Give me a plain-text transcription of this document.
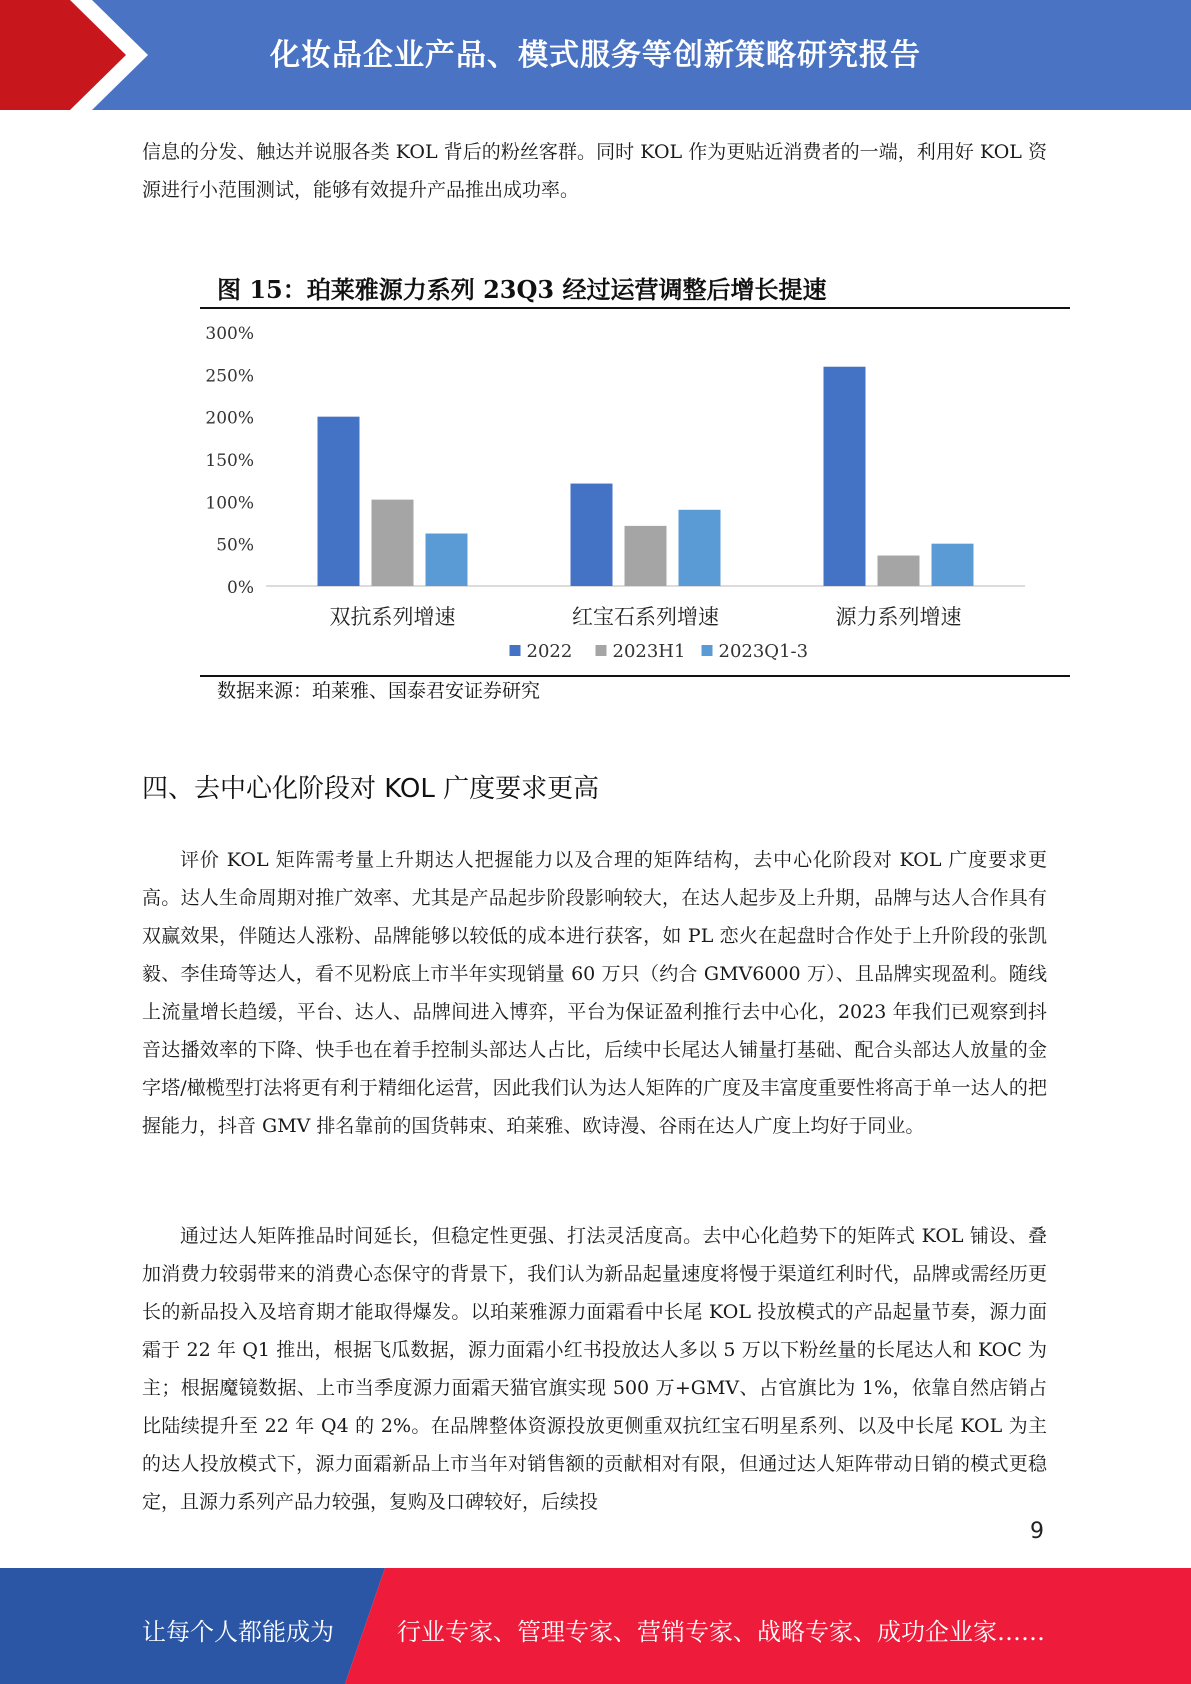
化妆品企业产品、模式服务等创新策略研究报告

信息的分发、触达并说服各类 KOL 背后的粉丝客群。同时 KOL 作为更贴近消费者的一端，利用好 KOL 资源进行小范围测试，能够有效提升产品推出成功率。

图 15：珀莱雅源力系列 23Q3 经过运营调整后增长提速
0%
50%
100%
150%
200%
250%
300%
双抗系列增速	红宝石系列增速	源力系列增速
2022 2023H1 2023Q1-3
数据来源：珀莱雅、国泰君安证券研究
四、去中心化阶段对 KOL 广度要求更高

评价 KOL 矩阵需考量上升期达人把握能力以及合理的矩阵结构，去中心化阶段对 KOL 广度要求更高。达人生命周期对推广效率、尤其是产品起步阶段影响较大，在达人起步及上升期，品牌与达人合作具有双赢效果，伴随达人涨粉、品牌能够以较低的成本进行获客，如 PL 恋火在起盘时合作处于上升阶段的张凯毅、李佳琦等达人，看不见粉底上市半年实现销量 60 万只（约合 GMV6000 万）、且品牌实现盈利。随线上流量增长趋缓，平台、达人、品牌间进入博弈，平台为保证盈利推行去中心化，2023 年我们已观察到抖音达播效率的下降、快手也在着手控制头部达人占比，后续中长尾达人铺量打基础、配合头部达人放量的金字塔/橄榄型打法将更有利于精细化运营，因此我们认为达人矩阵的广度及丰富度重要性将高于单一达人的把握能力，抖音 GMV 排名靠前的国货韩束、珀莱雅、欧诗漫、谷雨在达人广度上均好于同业。

通过达人矩阵推品时间延长，但稳定性更强、打法灵活度高。去中心化趋势下的矩阵式 KOL 铺设、叠加消费力较弱带来的消费心态保守的背景下，我们认为新品起量速度将慢于渠道红利时代，品牌或需经历更长的新品投入及培育期才能取得爆发。以珀莱雅源力面霜看中长尾 KOL 投放模式的产品起量节奏，源力面霜于 22 年 Q1 推出，根据飞瓜数据，源力面霜小红书投放达人多以 5 万以下粉丝量的长尾达人和 KOC 为主；根据魔镜数据、上市当季度源力面霜天猫官旗实现 500 万+GMV、占官旗比为 1%，依靠自然店销占比陆续提升至 22 年 Q4 的 2%。在品牌整体资源投放更侧重双抗红宝石明星系列、以及中长尾 KOL 为主的达人投放模式下，源力面霜新品上市当年对销售额的贡献相对有限，但通过达人矩阵带动日销的模式更稳定，且源力系列产品力较强，复购及口碑较好，后续投

9
让每个人都能成为	行业专家、管理专家、营销专家、战略专家、成功企业家……
